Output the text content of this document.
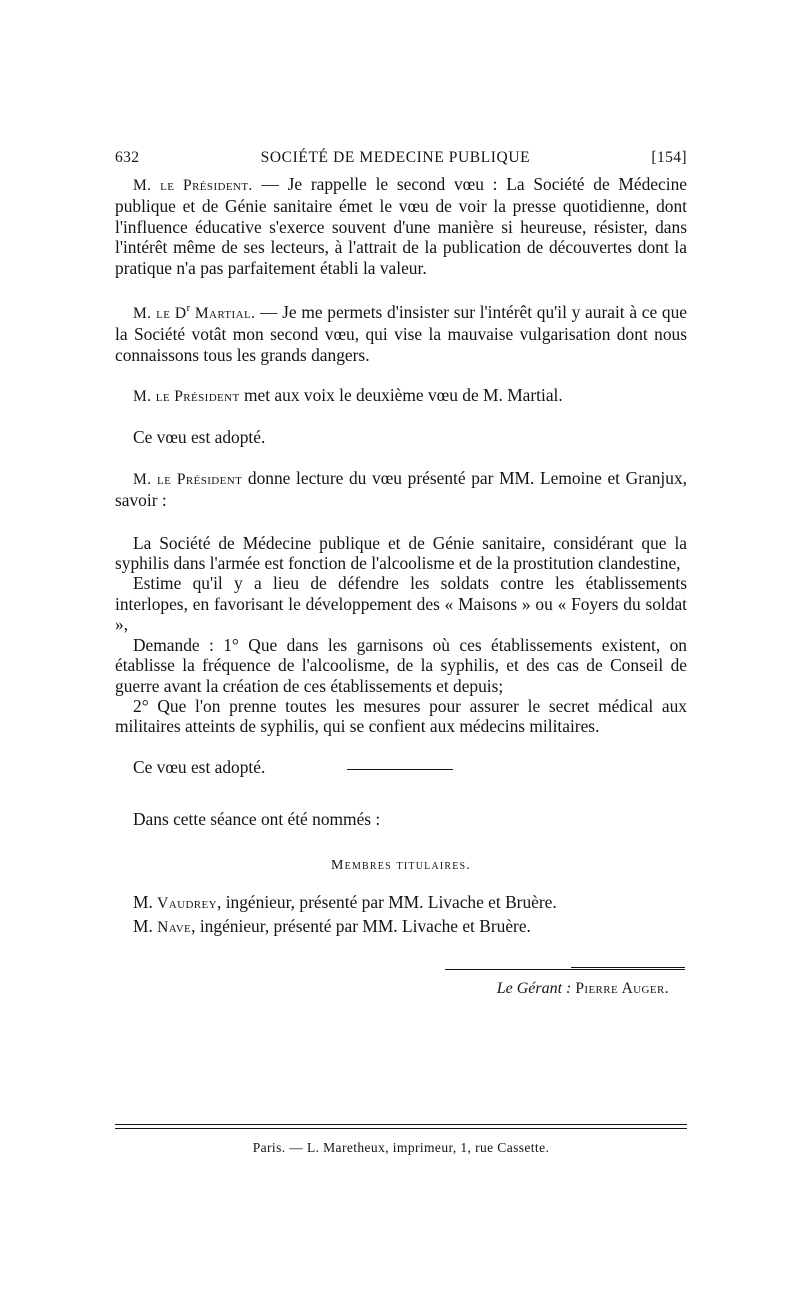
632	SOCIÉTÉ DE MEDECINE PUBLIQUE	[154]

M. le Président. — Je rappelle le second vœu : La Société de Médecine publique et de Génie sanitaire émet le vœu de voir la presse quotidienne, dont l'influence éducative s'exerce souvent d'une manière si heureuse, résister, dans l'intérêt même de ses lecteurs, à l'attrait de la publication de découvertes dont la pratique n'a pas parfaitement établi la valeur.

M. le $D^r$ Martial. — Je me permets d'insister sur l'intérêt qu'il y aurait à ce que la Société votât mon second vœu, qui vise la mauvaise vulgarisation dont nous connaissons tous les grands dangers.

M. le Président met aux voix le deuxième vœu de M. Martial.

Ce vœu est adopté.

M. le Président donne lecture du vœu présenté par MM. Lemoine et Granjux, savoir :

La Société de Médecine publique et de Génie sanitaire, considérant que la syphilis dans l'armée est fonction de l'alcoolisme et de la prostitution clandestine,

Estime qu'il y a lieu de défendre les soldats contre les établissements interlopes, en favorisant le développement des « Maisons » ou « Foyers du soldat »,

Demande : 1° Que dans les garnisons où ces établissements existent, on établisse la fréquence de l'alcoolisme, de la syphilis, et des cas de Conseil de guerre avant la création de ces établissements et depuis;

2° Que l'on prenne toutes les mesures pour assurer le secret médical aux militaires atteints de syphilis, qui se confient aux médecins militaires.

Ce vœu est adopté.

Dans cette séance ont été nommés :

Membres titulaires.

M. Vaudrey, ingénieur, présenté par MM. Livache et Bruère.

M. Nave, ingénieur, présenté par MM. Livache et Bruère.

Le Gérant : Pierre Auger.
Paris. — L. Maretheux, imprimeur, 1, rue Cassette.
